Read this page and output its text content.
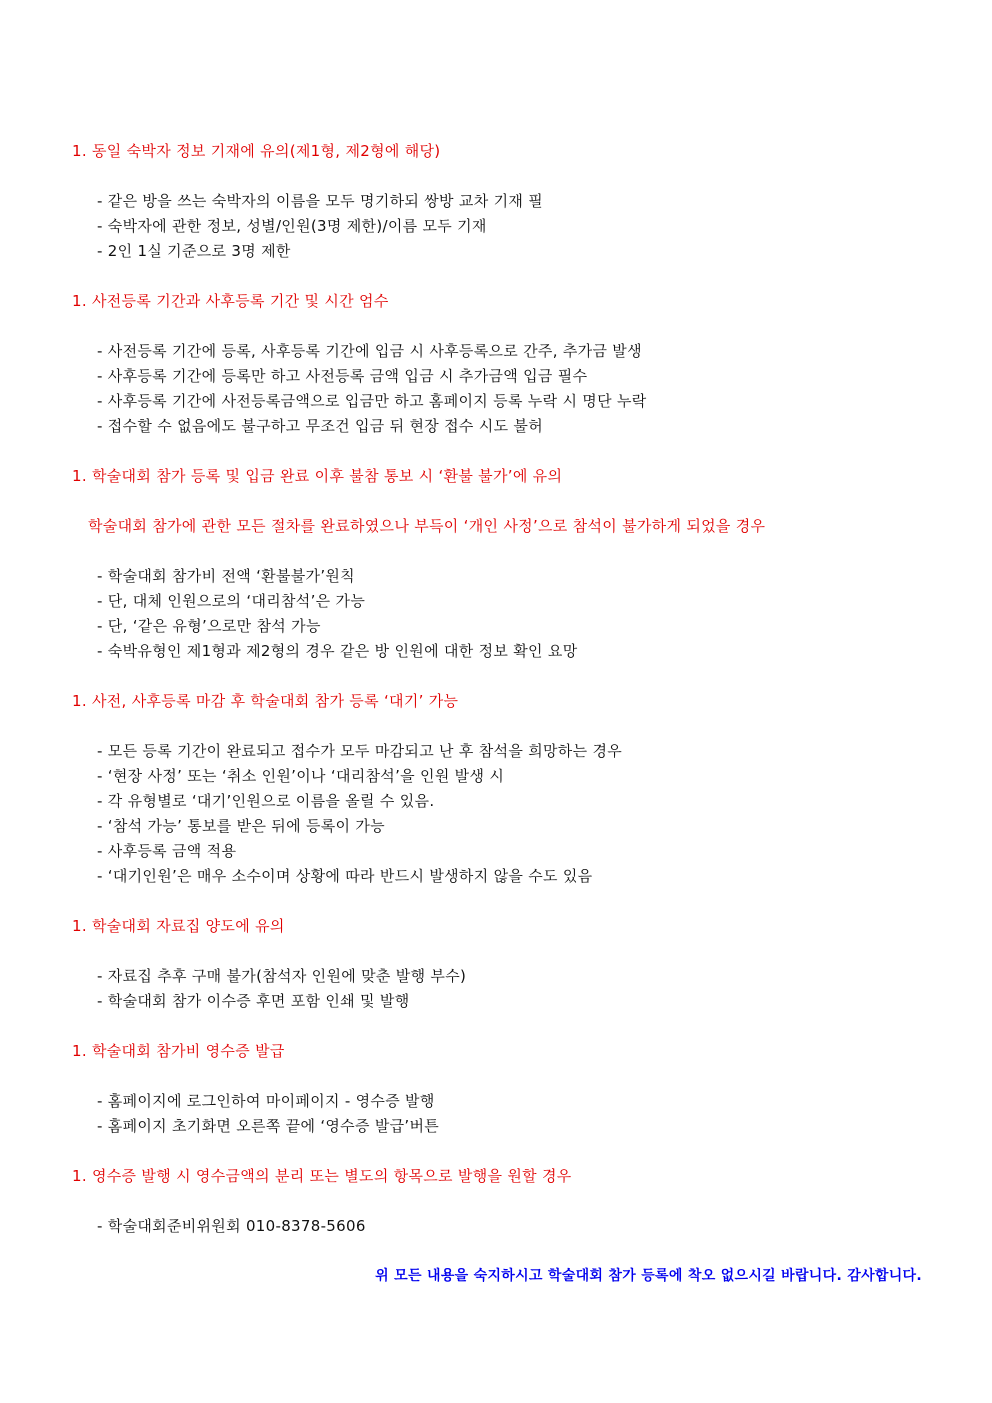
1. 동일 숙박자 정보 기재에 유의(제1형, 제2형에 해당)
- 같은 방을 쓰는 숙박자의 이름을 모두 명기하되 쌍방 교차 기재 필
- 숙박자에 관한 정보, 성별/인원(3명 제한)/이름 모두 기재
- 2인 1실 기준으로 3명 제한
1. 사전등록 기간과 사후등록 기간 및 시간 엄수
- 사전등록 기간에 등록, 사후등록 기간에 입금 시 사후등록으로 간주, 추가금 발생
- 사후등록 기간에 등록만 하고 사전등록 금액 입금 시 추가금액 입금 필수
- 사후등록 기간에 사전등록금액으로 입금만 하고 홈페이지 등록 누락 시 명단 누락
- 접수할 수 없음에도 불구하고 무조건 입금 뒤 현장 접수 시도 불허
1. 학술대회 참가 등록 및 입금 완료 이후 불참 통보 시 ‘환불 불가’에 유의
학술대회 참가에 관한 모든 절차를 완료하였으나 부득이 ‘개인 사정’으로 참석이 불가하게 되었을 경우
- 학술대회 참가비 전액 ‘환불불가’원칙
- 단, 대체 인원으로의 ‘대리참석’은 가능
- 단, ‘같은 유형’으로만 참석 가능
- 숙박유형인 제1형과 제2형의 경우 같은 방 인원에 대한 정보 확인 요망
1. 사전, 사후등록 마감 후 학술대회 참가 등록 ‘대기’ 가능
- 모든 등록 기간이 완료되고 접수가 모두 마감되고 난 후 참석을 희망하는 경우
- ‘현장 사정’ 또는 ‘취소 인원’이나 ‘대리참석’을 인원 발생 시
- 각 유형별로 ‘대기’인원으로 이름을 올릴 수 있음.
- ‘참석 가능’ 통보를 받은 뒤에 등록이 가능
- 사후등록 금액 적용
- ‘대기인원’은 매우 소수이며 상황에 따라 반드시 발생하지 않을 수도 있음
1. 학술대회 자료집 양도에 유의
- 자료집 추후 구매 불가(참석자 인원에 맞춘 발행 부수)
- 학술대회 참가 이수증 후면 포함 인쇄 및 발행
1. 학술대회 참가비 영수증 발급
- 홈페이지에 로그인하여 마이페이지 - 영수증 발행
- 홈페이지 초기화면 오른쪽 끝에 ‘영수증 발급’버튼
1. 영수증 발행 시 영수금액의 분리 또는 별도의 항목으로 발행을 원할 경우
- 학술대회준비위원회 010-8378-5606
위 모든 내용을 숙지하시고 학술대회 참가 등록에 착오 없으시길 바랍니다. 감사합니다.
